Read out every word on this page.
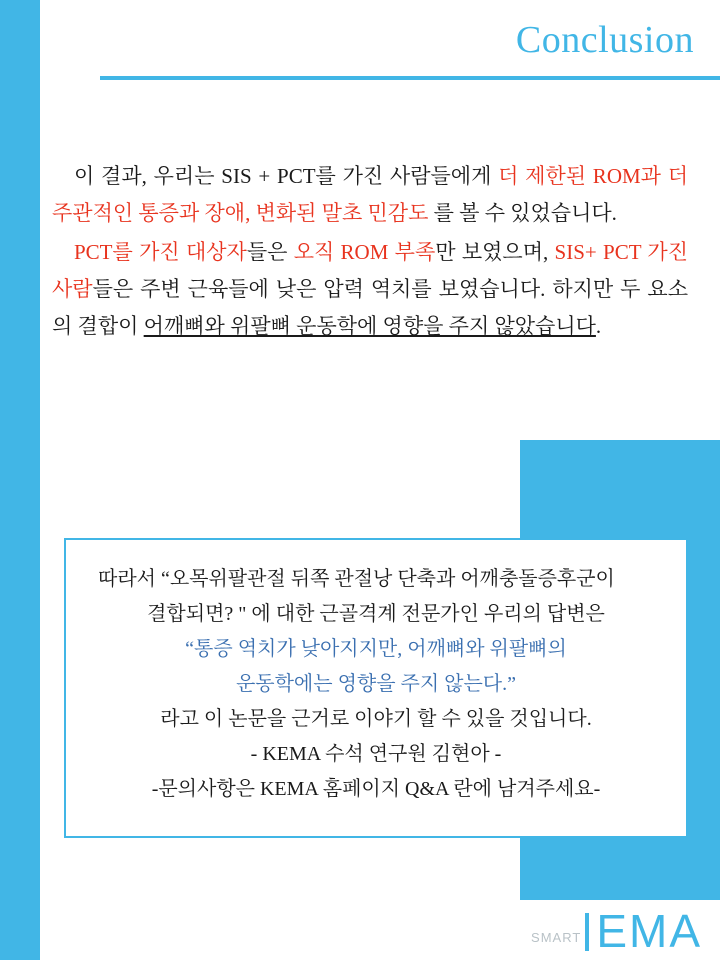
Conclusion

이 결과, 우리는 SIS + PCT를 가진 사람들에게 더 제한된 ROM과 더 주관적인 통증과 장애, 변화된 말초 민감도 를 볼 수 있었습니다.

PCT를 가진 대상자들은 오직 ROM 부족만 보였으며, SIS+ PCT 가진 사람들은 주변 근육들에 낮은 압력 역치를 보였습니다. 하지만 두 요소의 결합이 어깨뼈와 위팔뼈 운동학에 영향을 주지 않았습니다.

따라서 “오목위팔관절 뒤쪽 관절낭 단축과 어깨충돌증후군이
결합되면? " 에 대한 근골격계 전문가인 우리의 답변은
“통증 역치가 낮아지지만, 어깨뼈와 위팔뼈의
운동학에는 영향을 주지 않는다.”
라고 이 논문을 근거로 이야기 할 수 있을 것입니다.
- KEMA 수석 연구원 김현아 -
-문의사항은 KEMA 홈페이지 Q&A 란에 남겨주세요-
SMART EMA
